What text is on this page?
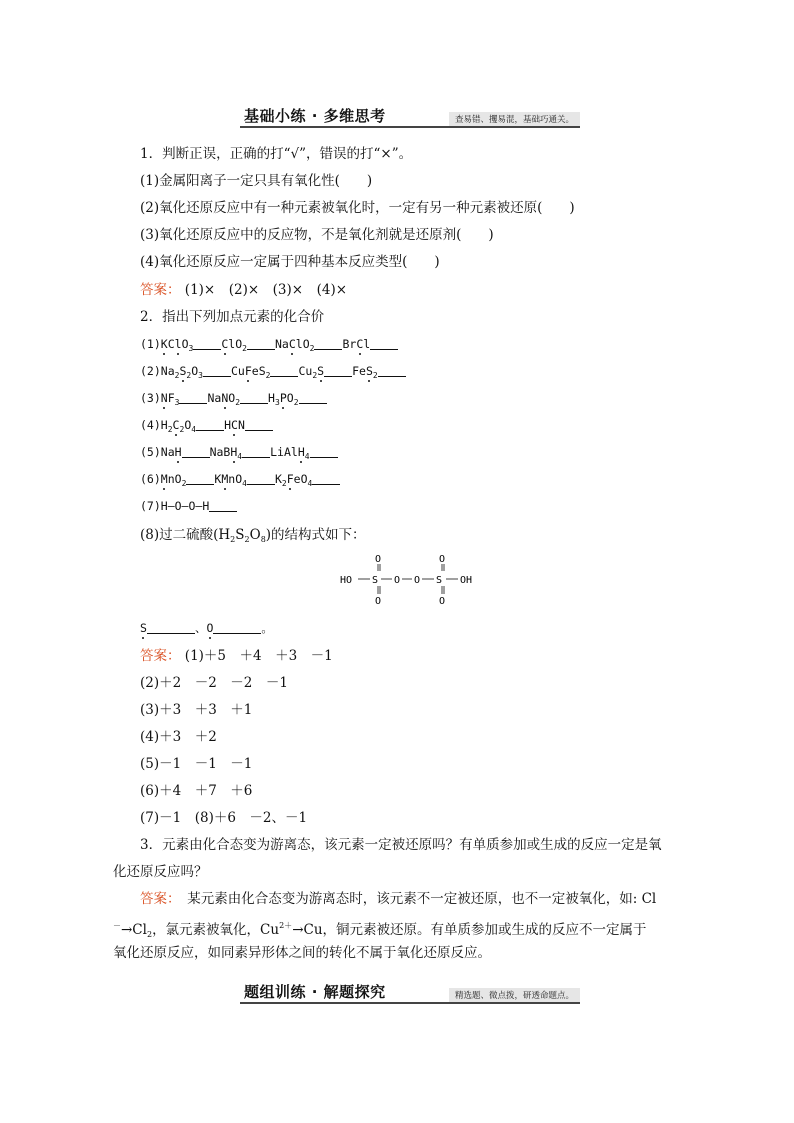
基础小练 · 多维思考	查易错、攫易混，基础巧通关。
1．判断正误，正确的打“√”，错误的打“×”。
(1)金属阳离子一定只具有氧化性(　　)
(2)氧化还原反应中有一种元素被氧化时，一定有另一种元素被还原(　　)
(3)氧化还原反应中的反应物，不是氧化剂就是还原剂(　　)
(4)氧化还原反应一定属于四种基本反应类型(　　)
答案： (1)×　(2)×　(3)×　(4)×
2．指出下列加点元素的化合价
(1)KClO$_3$ ClO$_2$ NaClO$_2$ BrCl
$(2)Na_2S_2O_3$ CuFeS$_2$ $Cu_2S$ FeS$_2$
$(3)NF_3$ NaNO$_2$ $H_3PO_2$
$(4)H_2C_2O_4$ HCN
(5)NaH NaBH$_4$ LiAlH$_4$
(6)MnO$_2$ KMnO$_4$ $K_2FeO_4$
(7)H—O—O—H
(8)过二硫酸$(H_2S_2O_8)$的结构式如下：
HO S
O
O
O O S
O
O
OH
S	、O	。
答案： (1)＋5　＋4　＋3　－1
(2)＋2　－2　－2　－1
(3)＋3　＋3　＋1
(4)＋3　＋2
(5)－1　－1　－1
(6)＋4　＋7　＋6
(7)－1　(8)＋6　－2、－1
3．元素由化合态变为游离态，该元素一定被还原吗？有单质参加或生成的反应一定是氧
化还原反应吗？
答案：　某元素由化合态变为游离态时，该元素不一定被还原，也不一定被氧化，如: Cl
$^-\to Cl_2$，氯元素被氧化，$Cu^{2+}\to Cu$，铜元素被还原。有单质参加或生成的反应不一定属于
氧化还原反应，如同素异形体之间的转化不属于氧化还原反应。
题组训练 · 解题探究	精选题、微点拨，研透命题点。
